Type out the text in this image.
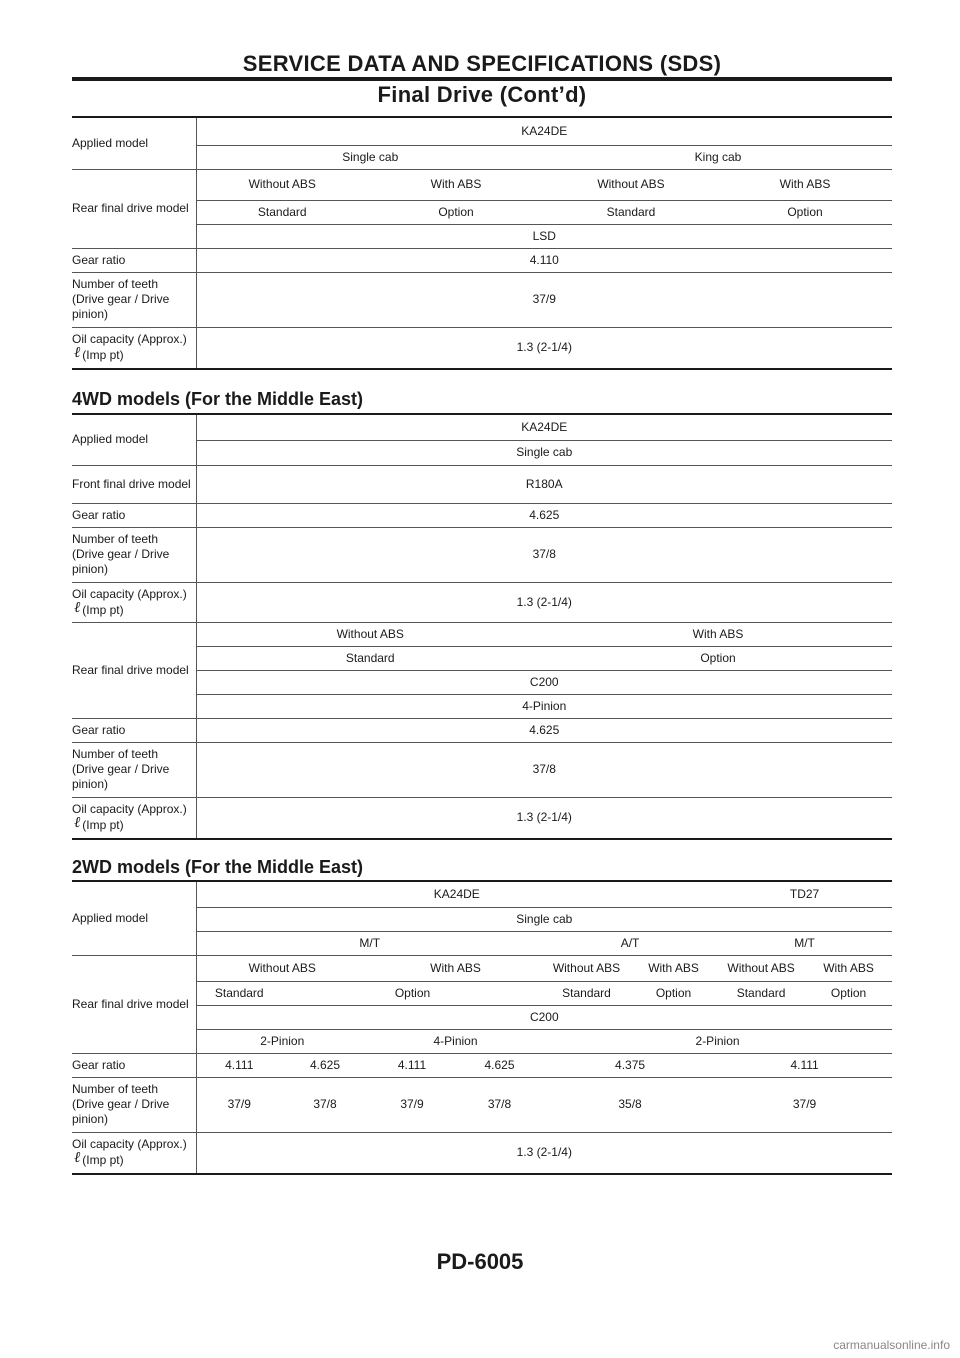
SERVICE DATA AND SPECIFICATIONS (SDS)
Final Drive (Cont’d)
Applied model	KA24DE			
	Single cab		King cab	
Rear final drive model	Without ABS	With ABS	Without ABS	With ABS
	Standard	Option	Standard	Option
	LSD			
Gear ratio	4.110			
Number of teeth (Drive gear / Drive pinion)	37/9			
Oil capacity (Approx.)ℓ (Imp pt)	1.3 (2-1/4)			
4WD models (For the Middle East)
Applied model	KA24DE	
	Single cab	
Front final drive model	R180A	
Gear ratio	4.625	
Number of teeth (Drive gear / Drive pinion)	37/8	
Oil capacity (Approx.)ℓ (Imp pt)	1.3 (2-1/4)	
Rear final drive model	Without ABS	With ABS
	Standard	Option
	C200	
	4-Pinion	
Gear ratio	4.625	
Number of teeth (Drive gear / Drive pinion)	37/8	
Oil capacity (Approx.)ℓ (Imp pt)	1.3 (2-1/4)	
2WD models (For the Middle East)
Applied model	KA24DE						TD27	
	Single cab							
	M/T				A/T		M/T	
Rear final drive model	Without ABS		With ABS		Without ABS	With ABS	Without ABS	With ABS
	Standard	Option			Standard	Option	Standard	Option
	C200							
	2-Pinion		4-Pinion		2-Pinion			
Gear ratio	4.111	4.625	4.111	4.625	4.375		4.111	
Number of teeth (Drive gear / Drive pinion)	37/9	37/8	37/9	37/8	35/8		37/9	
Oil capacity (Approx.)ℓ (Imp pt)	1.3 (2-1/4)							
PD-6005
carmanualsonline.info
